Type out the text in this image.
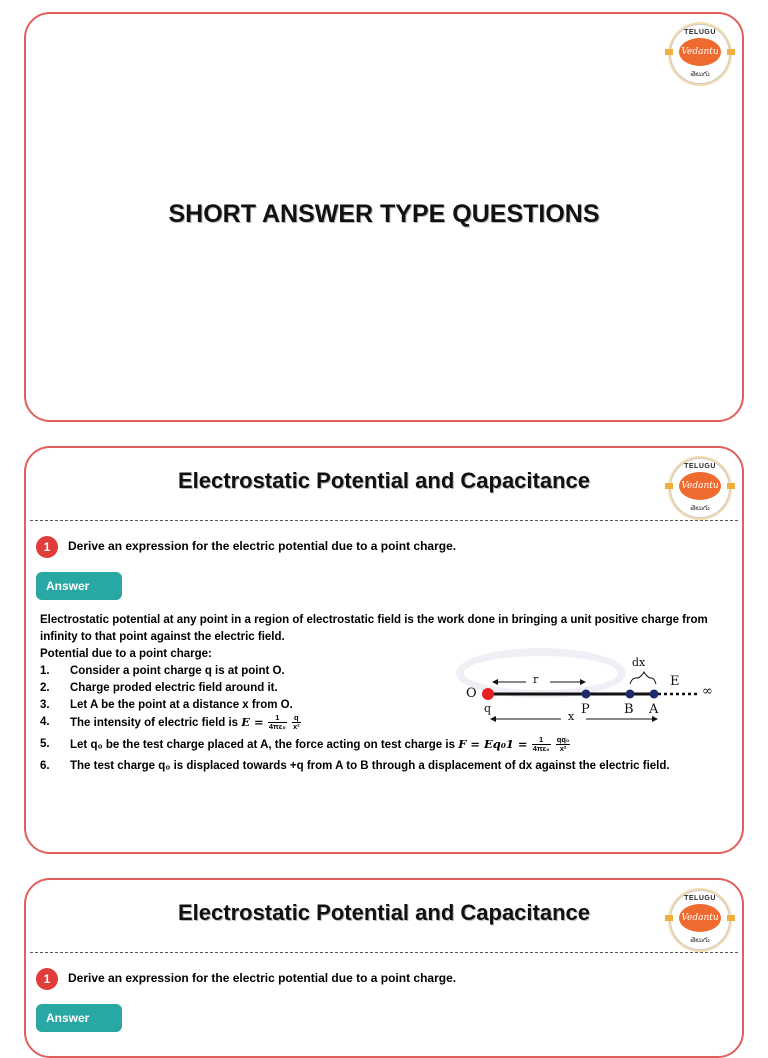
TELUGU
Vedantu
తెలుగు
SHORT ANSWER TYPE QUESTIONS
TELUGU
Vedantu
తెలుగు
Electrostatic Potential and Capacitance
1	Derive an expression for the electric potential due to a point charge.
Answer

Electrostatic potential at any point in a region of electrostatic field is the work done in bringing a unit positive charge from infinity to that point against the electric field.

Potential due to a point charge:

1. Consider a point charge q is at point O.
2. Charge proded electric field around it.
3. Let A be the point at a distance x from O.
4. The intensity of electric field is $E = \frac{1}{\text{4πε₀}}$
$\frac{q}{\text{x²}}$
5. Let q₀ be the test charge placed at A, the force acting on test charge is $F = Eq_01 = \frac{1}{\text{4πε₀}}$
$\frac{\text{qq₀}}{\text{x²}}$
6. The test charge q₀ is displaced towards +q from A to B through a displacement of dx against the electric field.
O
q
r
P	B A
dx
E
∞
x
TELUGU
Vedantu
తెలుగు
Electrostatic Potential and Capacitance
1	Derive an expression for the electric potential due to a point charge.
Answer
